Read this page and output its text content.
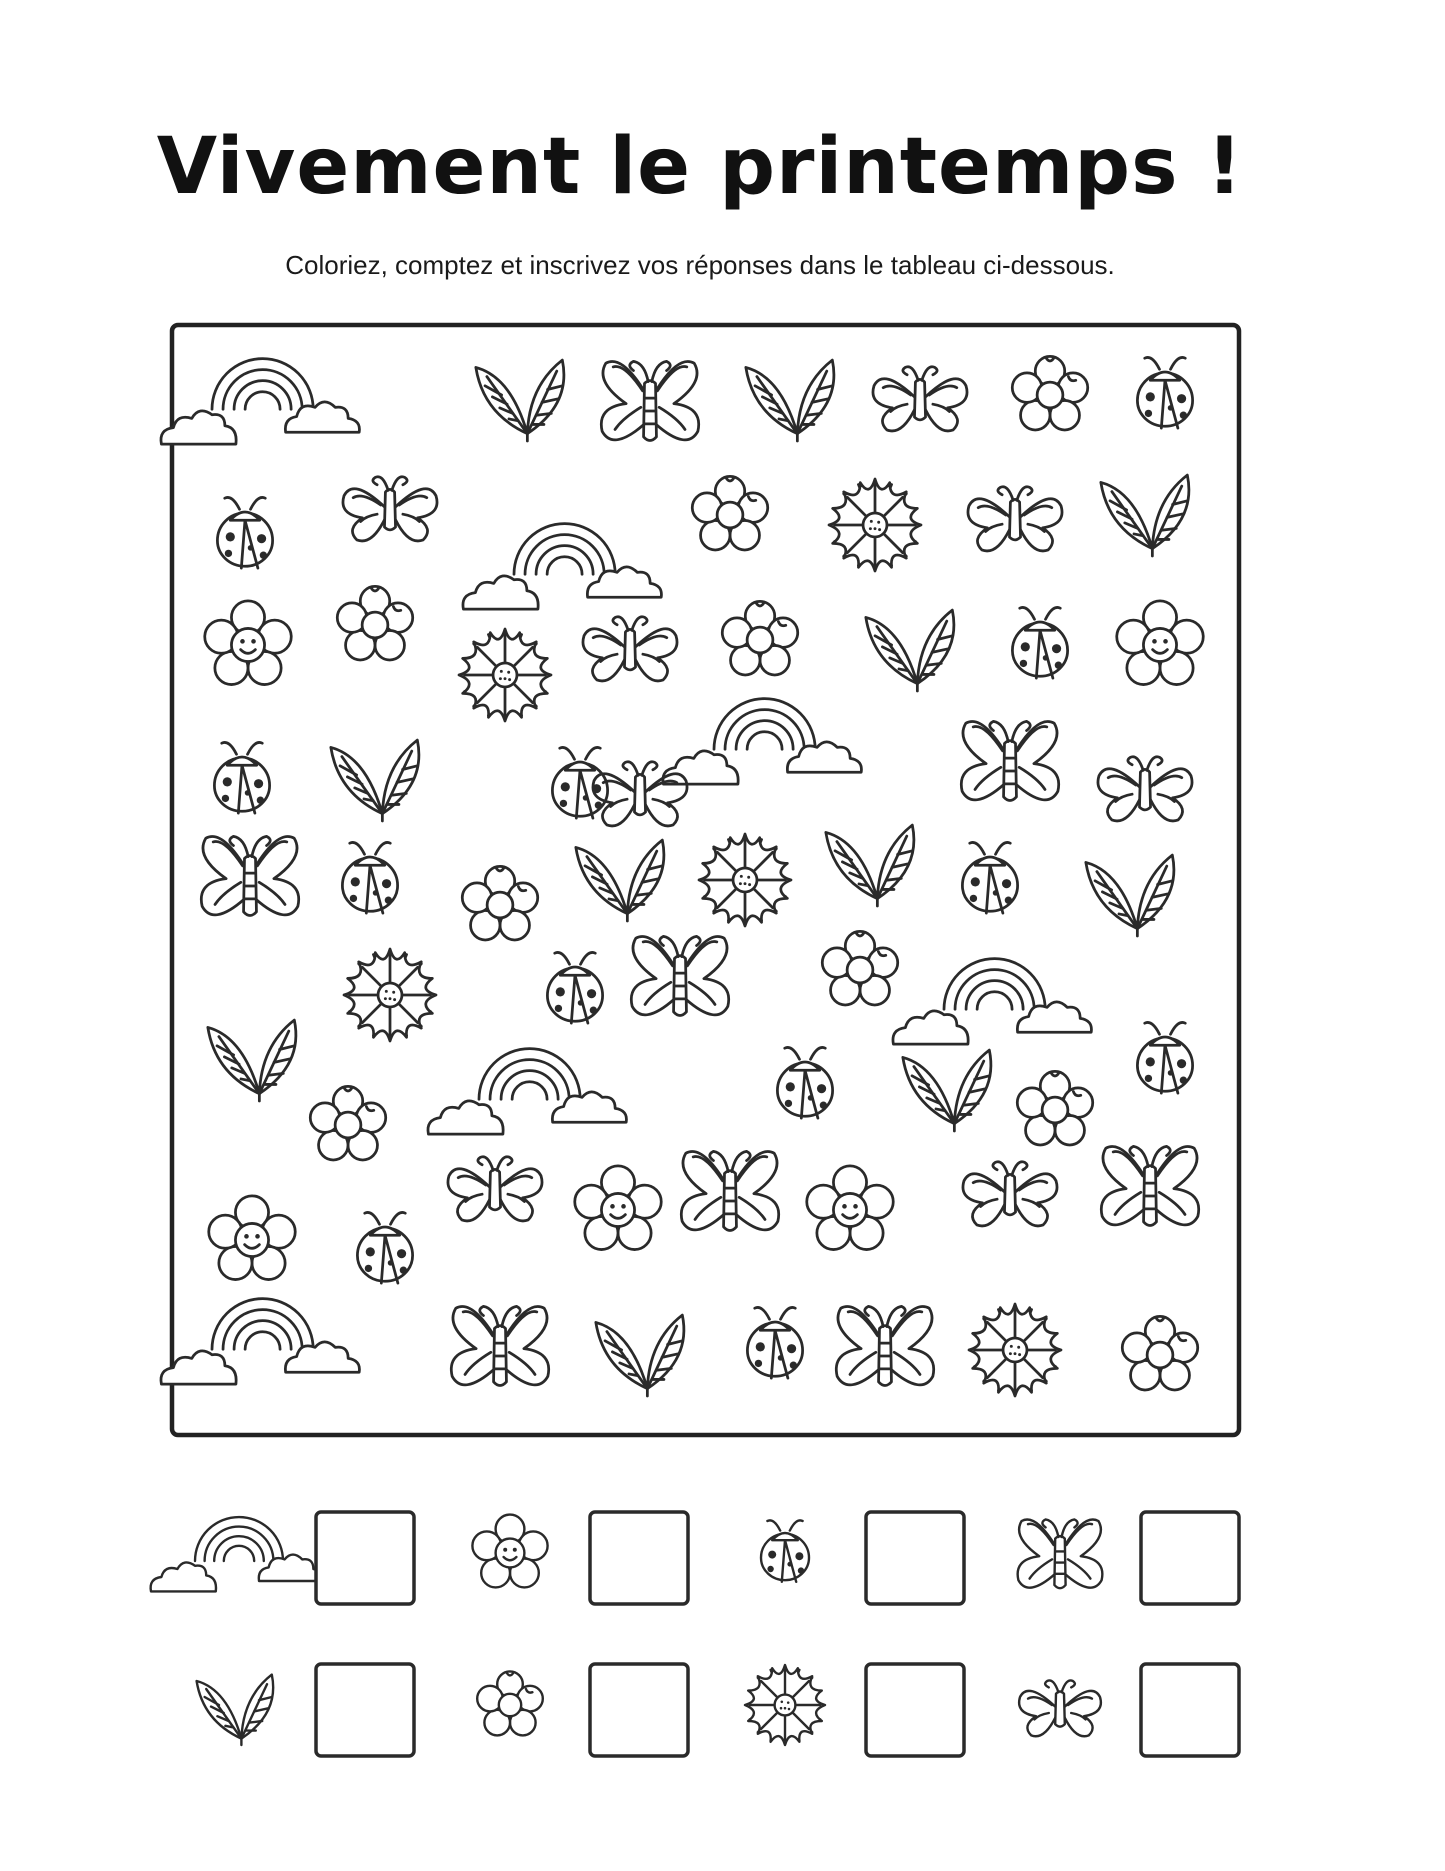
Vivement le printemps !
Coloriez, comptez et inscrivez vos réponses dans le tableau ci-dessous.
